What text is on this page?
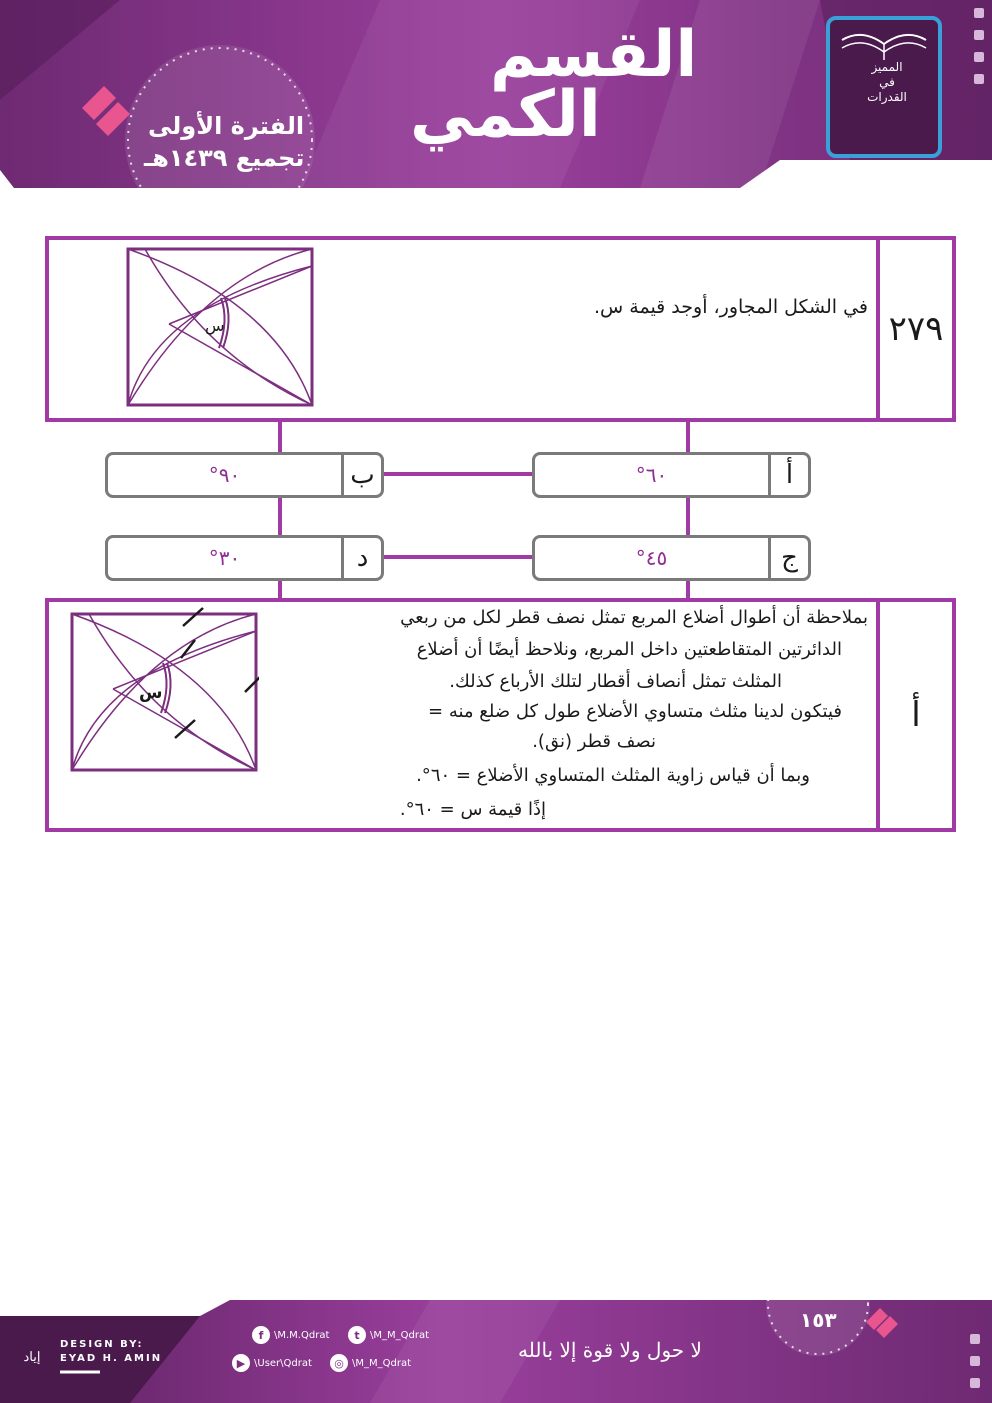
القسم
الكمي
الفترة الأولى
تجميع ١٤٣٩هـ
المميز
في
القدرات
٢٧٩
في الشكل المجاور، أوجد قيمة س.
س
أ
٦٠°
ب
٩٠°
ج
٤٥°
د
٣٠°
أ
س
بملاحظة أن أطوال أضلاع المربع تمثل نصف قطر لكل من ربعي
الدائرتين المتقاطعتين داخل المربع، ونلاحظ أيضًا أن أضلاع
المثلث تمثل أنصاف أقطار لتلك الأرباع كذلك.
فيتكون لدينا مثلث متساوي الأضلاع طول كل ضلع منه =
نصف قطر (نق).
وبما أن قياس زاوية المثلث المتساوي الأضلاع = ٦٠°.
إذًا قيمة س = ٦٠°.
إياد
DESIGN BY:
EYAD H. AMIN
f	\M.M.Qdrat	t	\M_M_Qdrat
▶ \User\Qdrat	◎ \M_M_Qdrat
لا حول ولا قوة إلا بالله
١٥٣
